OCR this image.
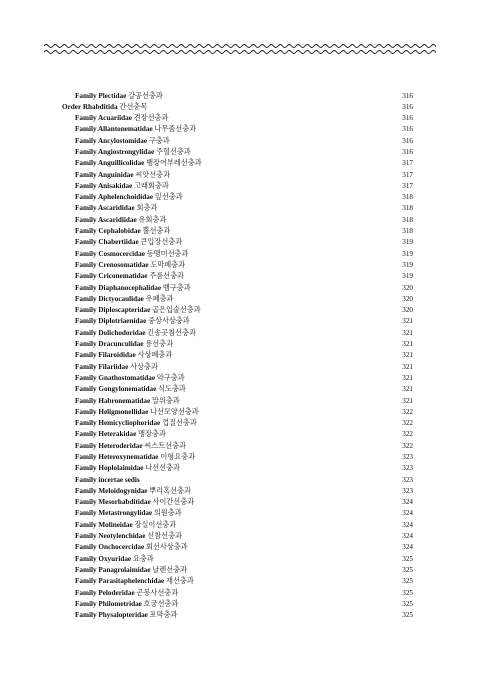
Family Plectidae 갈공선충과	316
Order Rhabditida 간선충목	316
Family Acuariidae 견장선충과	316
Family Allantonematidae 나무좀선충과	316
Family Ancylostomidae 구충과	316
Family Angiostrongylidae 주혈선충과	316
Family Anguillicolidae 뱀장어부레선충과	317
Family Anguinidae 씨앗선충과	317
Family Anisakidae 고래회충과	317
Family Aphelenchoididae 잎선충과	318
Family Ascarididae 회충과	318
Family Ascaridiidae 유회충과	318
Family Cephalobidae 뿔선충과	318
Family Chabertiidae 큰입장선충과	319
Family Cosmocercidae 동맹미선충과	319
Family Crenosomatidae 도막폐충과	319
Family Criconematidae 주름선충과	319
Family Diaphanocephalidae 뱀구충과	320
Family Dictyocaulidae 우폐충과	320
Family Diploscapteridae 곱은입술선충과	320
Family Diplotriaenidae 중상사상충과	321
Family Dolichodoridae 긴송곳침선충과	321
Family Dracunculidae 용선충과	321
Family Filaroididae 사상폐충과	321
Family Filariidae 사상충과	321
Family Gnathostomatidae 악구충과	321
Family Gongylonematidae 식도충과	321
Family Habronematidae 말위충과	321
Family Heligmonellidae 나선모양선충과	322
Family Hemicycliophoridae 껍질선충과	322
Family Heterakidae 맹장충과	322
Family Heteroderidae 씨스트선충과	322
Family Heteroxynematidae 이형요충과	323
Family Hoplolaimidae 나선선충과	323
Family incertae sedis	323
Family Meloidogynidae 뿌리혹선충과	323
Family Mesorhabditidae 사이간선충과	324
Family Metastrongylidae 의원충과	324
Family Molineidae 장실이선충과	324
Family Neotylenchidae 신참선충과	324
Family Onchocercidae 회선사상충과	324
Family Oxyuridae 요충과	325
Family Panagrolaimidae 날렌선충과	325
Family Parasitaphelenchidae 재선충과	325
Family Peloderidae 곤봉사선충과	325
Family Philometridae 호궁선충과	325
Family Physalopteridae 포막충과	325
